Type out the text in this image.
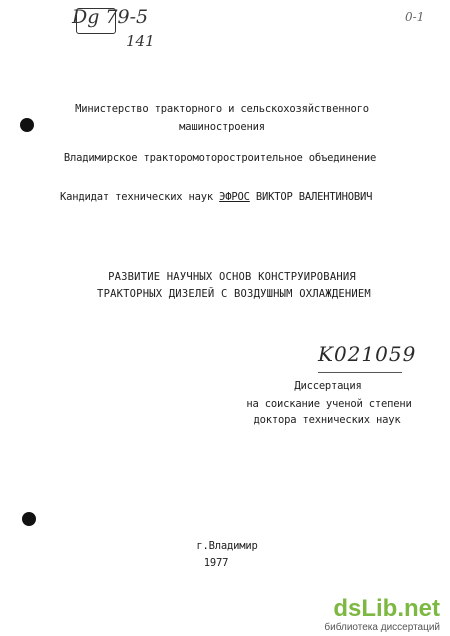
Dg 79-5
141
0-1
Министерство тракторного и сельскохозяйственного
машиностроения
Владимирское тракторомоторостроительное объединение
Кандидат технических наук ЭФРОС ВИКТОР ВАЛЕНТИНОВИЧ
РАЗВИТИЕ НАУЧНЫХ ОСНОВ КОНСТРУИРОВАНИЯ
ТРАКТОРНЫХ ДИЗЕЛЕЙ С ВОЗДУШНЫМ ОХЛАЖДЕНИЕМ
K021059
Диссертация
на соискание ученой степени
доктора технических наук
г.Владимир
1977
dsLib.net
библиотека диссертаций
